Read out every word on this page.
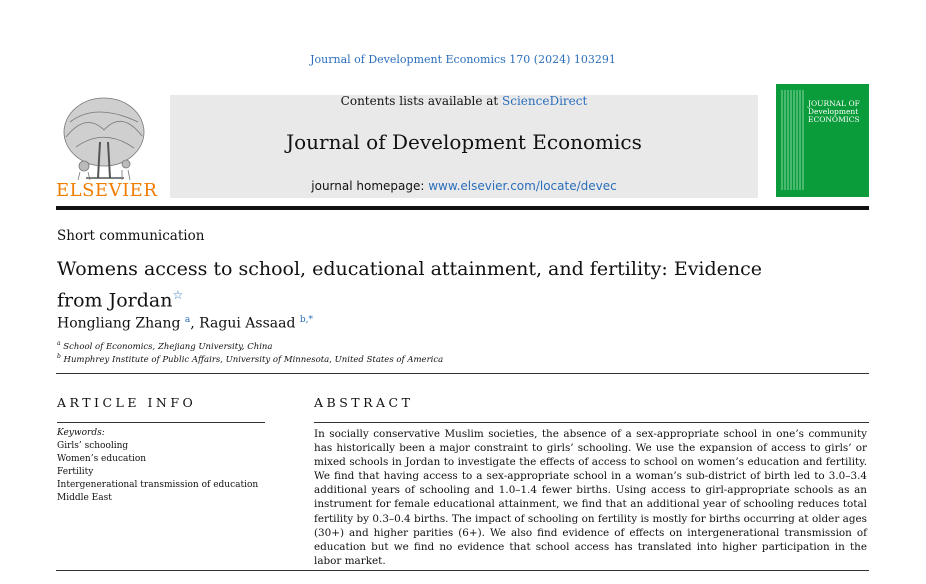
Journal of Development Economics 170 (2024) 103291
ELSEVIER
Contents lists available at ScienceDirect
Journal of Development Economics
journal homepage: www.elsevier.com/locate/devec
JOURNAL OF
Development
ECONOMICS
Short communication
Womens access to school, educational attainment, and fertility: Evidence
from Jordan☆
Hongliang Zhang $^a$, Ragui Assaad $^{b,*}$
$^a$ School of Economics, Zhejiang University, China
$^b$ Humphrey Institute of Public Affairs, University of Minnesota, United States of America
ARTICLE INFO
Keywords:
Girls’ schooling
Women’s education
Fertility
Intergenerational transmission of education
Middle East
ABSTRACT
In socially conservative Muslim societies, the absence of a sex-appropriate school in one’s community has historically been a major constraint to girls’ schooling. We use the expansion of access to girls’ or mixed schools in Jordan to investigate the effects of access to school on women’s education and fertility. We find that having access to a sex-appropriate school in a woman’s sub-district of birth led to 3.0–3.4 additional years of schooling and 1.0–1.4 fewer births. Using access to girl-appropriate schools as an instrument for female educational attainment, we find that an additional year of schooling reduces total fertility by 0.3–0.4 births. The impact of schooling on fertility is mostly for births occurring at older ages (30+) and higher parities (6+). We also find evidence of effects on intergenerational transmission of education but we find no evidence that school access has translated into higher participation in the labor market.
